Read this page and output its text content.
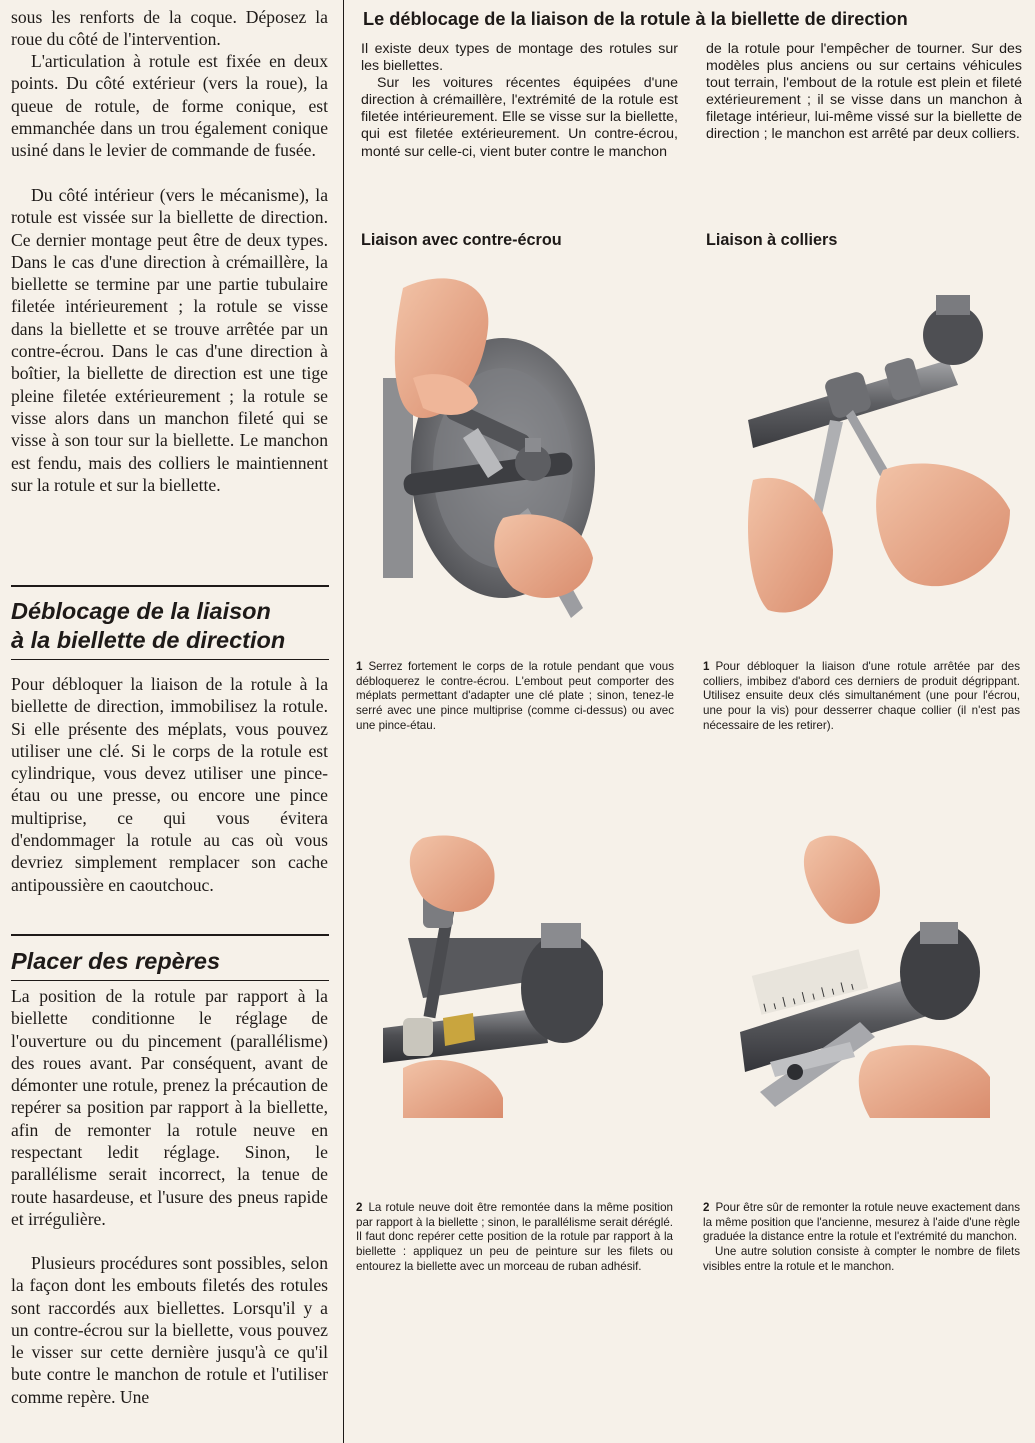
sous les renforts de la coque. Déposez la roue du côté de l'intervention.

L'articulation à rotule est fixée en deux points. Du côté extérieur (vers la roue), la queue de rotule, de forme conique, est emmanchée dans un trou également conique usiné dans le levier de commande de fusée.

Du côté intérieur (vers le mécanisme), la rotule est vissée sur la biellette de direction. Ce dernier montage peut être de deux types. Dans le cas d'une direction à crémaillère, la biellette se termine par une partie tubulaire filetée intérieurement ; la rotule se visse dans la biellette et se trouve arrêtée par un contre-écrou. Dans le cas d'une direction à boîtier, la biellette de direction est une tige pleine filetée extérieurement ; la rotule se visse alors dans un manchon fileté qui se visse à son tour sur la biellette. Le manchon est fendu, mais des colliers le maintiennent sur la rotule et sur la biellette.

Déblocage de la liaison
à la biellette de direction

Pour débloquer la liaison de la rotule à la biellette de direction, immobilisez la rotule. Si elle présente des méplats, vous pouvez utiliser une clé. Si le corps de la rotule est cylindrique, vous devez utiliser une pince-étau ou une presse, ou encore une pince multiprise, ce qui vous évitera d'endommager la rotule au cas où vous devriez simplement remplacer son cache antipoussière en caoutchouc.

Placer des repères

La position de la rotule par rapport à la biellette conditionne le réglage de l'ouverture ou du pincement (parallélisme) des roues avant. Par conséquent, avant de démonter une rotule, prenez la précaution de repérer sa position par rapport à la biellette, afin de remonter la rotule neuve en respectant ledit réglage. Sinon, le parallélisme serait incorrect, la tenue de route hasardeuse, et l'usure des pneus rapide et irrégulière.

Plusieurs procédures sont possibles, selon la façon dont les embouts filetés des rotules sont raccordés aux biellettes. Lorsqu'il y a un contre-écrou sur la biellette, vous pouvez le visser sur cette dernière jusqu'à ce qu'il bute contre le manchon de rotule et l'utiliser comme repère. Une

Le déblocage de la liaison de la rotule à la biellette de direction

Il existe deux types de montage des rotules sur les biellettes.
Sur les voitures récentes équipées d'une direction à crémaillère, l'extrémité de la rotule est filetée intérieurement. Elle se visse sur la biellette, qui est filetée extérieurement. Un contre-écrou, monté sur celle-ci, vient buter contre le manchon

de la rotule pour l'empêcher de tourner. Sur des modèles plus anciens ou sur certains véhicules tout terrain, l'embout de la rotule est plein et fileté extérieurement ; il se visse dans un manchon à filetage intérieur, lui-même vissé sur la biellette de direction ; le manchon est arrêté par deux colliers.

Liaison avec contre-écrou	Liaison à colliers

1 Serrez fortement le corps de la rotule pendant que vous débloquerez le contre-écrou. L'embout peut comporter des méplats permettant d'adapter une clé plate ; sinon, tenez-le serré avec une pince multiprise (comme ci-dessus) ou avec une pince-étau.

1 Pour débloquer la liaison d'une rotule arrêtée par des colliers, imbibez d'abord ces derniers de produit dégrippant. Utilisez ensuite deux clés simultanément (une pour l'écrou, une pour la vis) pour desserrer chaque collier (il n'est pas nécessaire de les retirer).

2 La rotule neuve doit être remontée dans la même position par rapport à la biellette ; sinon, le parallélisme serait déréglé. Il faut donc repérer cette position de la rotule par rapport à la biellette : appliquez un peu de peinture sur les filets ou entourez la biellette avec un morceau de ruban adhésif.

2 Pour être sûr de remonter la rotule neuve exactement dans la même position que l'ancienne, mesurez à l'aide d'une règle graduée la distance entre la rotule et l'extrémité du manchon.
Une autre solution consiste à compter le nombre de filets visibles entre la rotule et le manchon.
